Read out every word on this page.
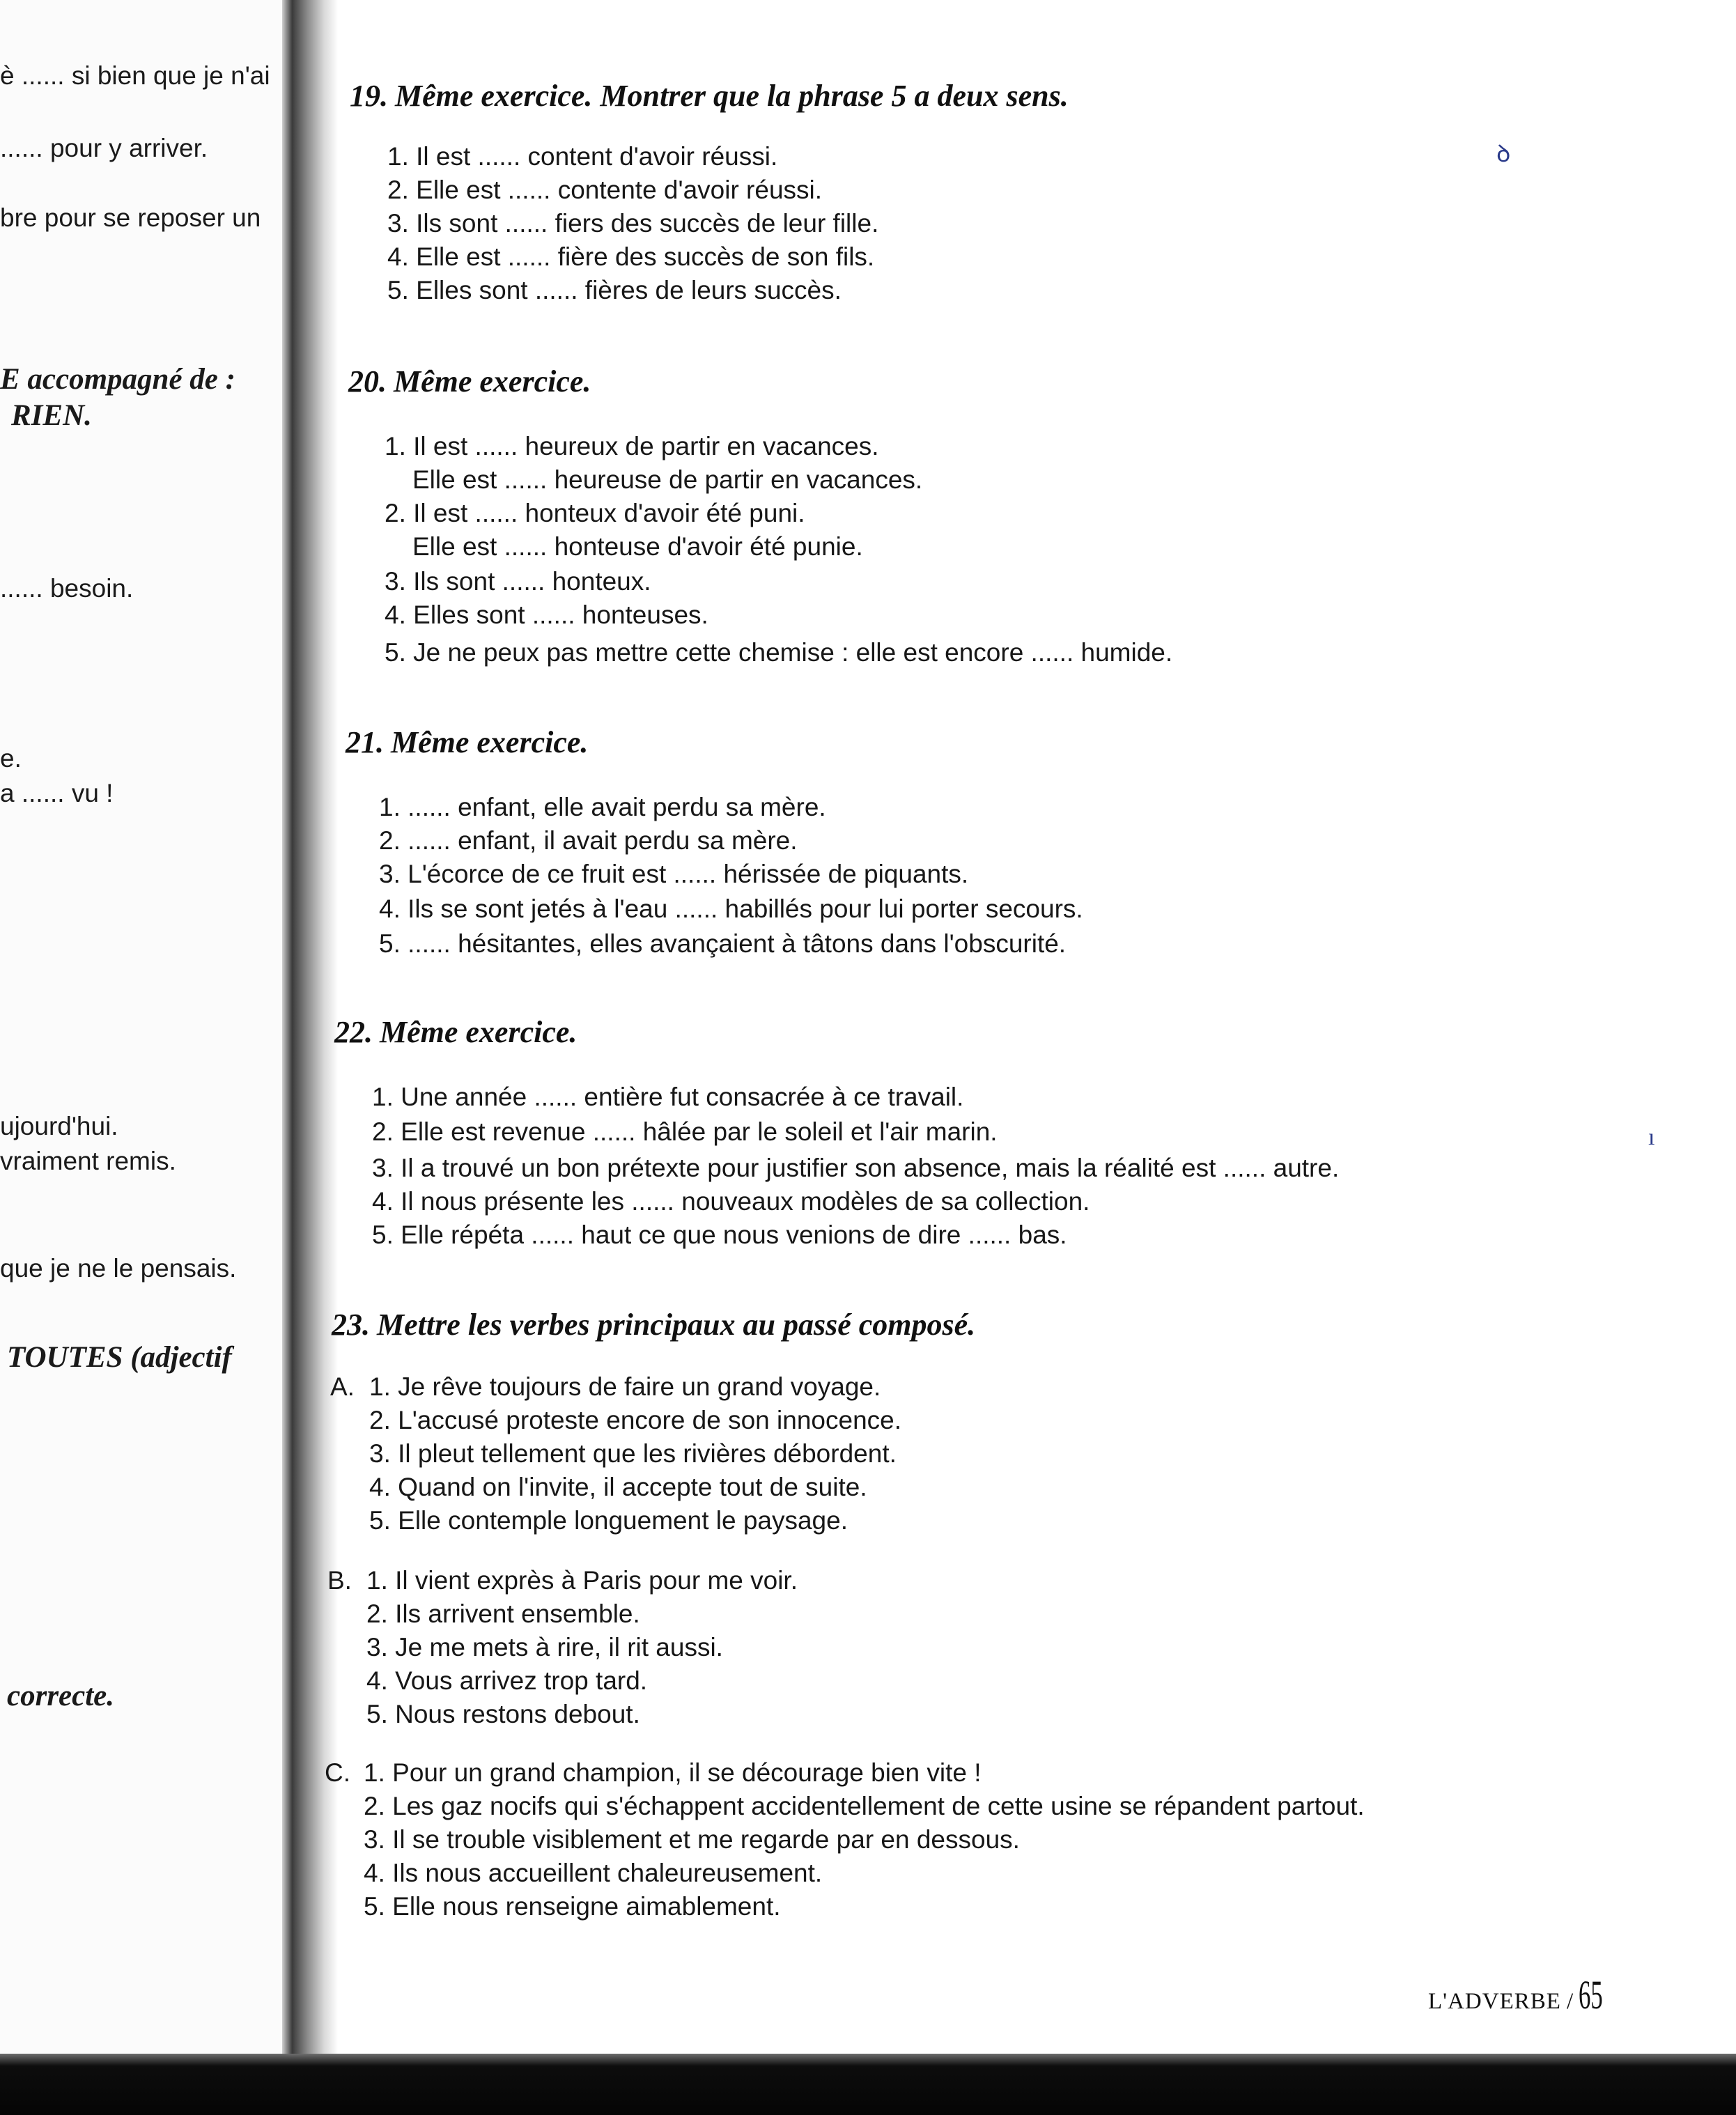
è ...... si bien que je n'ai
...... pour y arriver.
bre pour se reposer un
E accompagné de :
RIEN.
...... besoin.
e.
a ...... vu !
ujourd'hui.
vraiment remis.
que je ne le pensais.
TOUTES (adjectif
correcte.
19. Même exercice. Montrer que la phrase 5 a deux sens.
1. Il est ...... content d'avoir réussi.
2. Elle est ...... contente d'avoir réussi.
3. Ils sont ...... fiers des succès de leur fille.
4. Elle est ...... fière des succès de son fils.
5. Elles sont ...... fières de leurs succès.
20. Même exercice.
1. Il est ...... heureux de partir en vacances.
Elle est ...... heureuse de partir en vacances.
2. Il est ...... honteux d'avoir été puni.
Elle est ...... honteuse d'avoir été punie.
3. Ils sont ...... honteux.
4. Elles sont ...... honteuses.
5. Je ne peux pas mettre cette chemise : elle est encore ...... humide.
21. Même exercice.
1. ...... enfant, elle avait perdu sa mère.
2. ...... enfant, il avait perdu sa mère.
3. L'écorce de ce fruit est ...... hérissée de piquants.
4. Ils se sont jetés à l'eau ...... habillés pour lui porter secours.
5. ...... hésitantes, elles avançaient à tâtons dans l'obscurité.
22. Même exercice.
1. Une année ...... entière fut consacrée à ce travail.
2. Elle est revenue ...... hâlée par le soleil et l'air marin.
3. Il a trouvé un bon prétexte pour justifier son absence, mais la réalité est ...... autre.
4. Il nous présente les ...... nouveaux modèles de sa collection.
5. Elle répéta ...... haut ce que nous venions de dire ...... bas.
23. Mettre les verbes principaux au passé composé.
A. 1. Je rêve toujours de faire un grand voyage.
2. L'accusé proteste encore de son innocence.
3. Il pleut tellement que les rivières débordent.
4. Quand on l'invite, il accepte tout de suite.
5. Elle contemple longuement le paysage.
B. 1. Il vient exprès à Paris pour me voir.
2. Ils arrivent ensemble.
3. Je me mets à rire, il rit aussi.
4. Vous arrivez trop tard.
5. Nous restons debout.
C. 1. Pour un grand champion, il se décourage bien vite !
2. Les gaz nocifs qui s'échappent accidentellement de cette usine se répandent partout.
3. Il se trouble visiblement et me regarde par en dessous.
4. Ils nous accueillent chaleureusement.
5. Elle nous renseigne aimablement.
ꝺ
ı
L'ADVERBE / 65
